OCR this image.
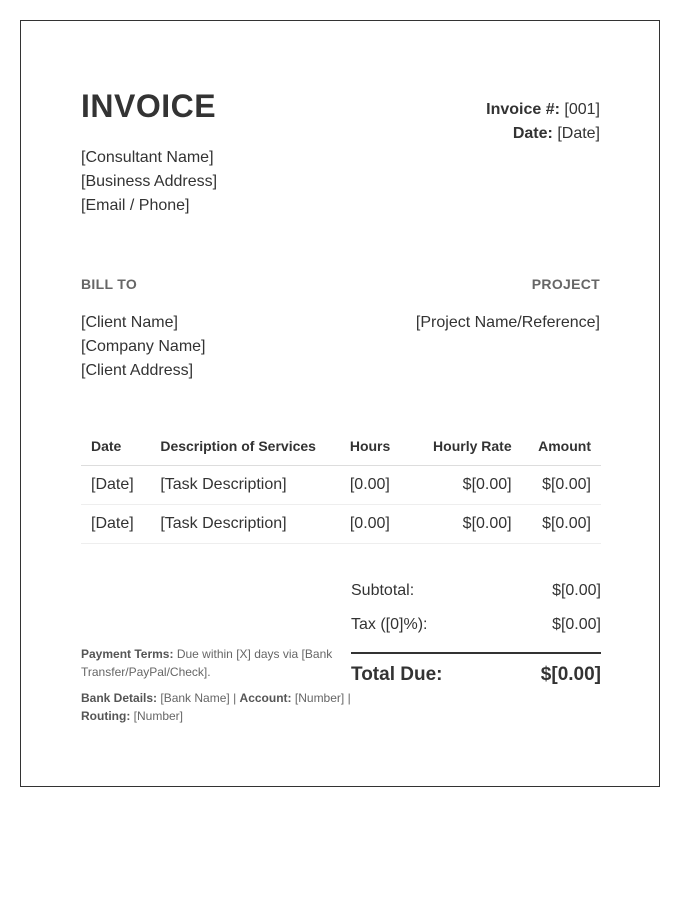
INVOICE	Invoice #: [001]
Date: [Date]
[Consultant Name]
[Business Address]
[Email / Phone]
BILL TO	PROJECT
[Client Name]
[Company Name]
[Client Address]
[Project Name/Reference]
Date	Description of Services	Hours	Hourly Rate	Amount
[Date]	[Task Description]	[0.00]	$[0.00]	$[0.00]
[Date]	[Task Description]	[0.00]	$[0.00]	$[0.00]
Subtotal:	$[0.00]
Tax ([0]%):	$[0.00]
Total Due:	$[0.00]

Payment Terms: Due within [X] days via [Bank Transfer/PayPal/Check].

Bank Details: [Bank Name] | Account: [Number] | Routing: [Number]
